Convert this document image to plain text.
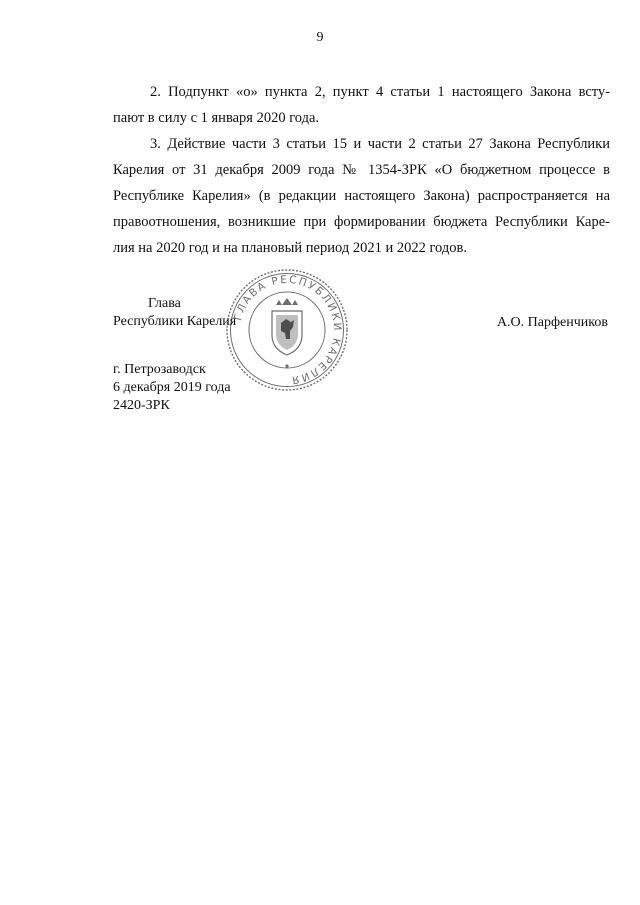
9
2. Подпункт «о» пункта 2, пункт 4 статьи 1 настоящего Закона всту-
пают в силу с 1 января 2020 года.
3. Действие части 3 статьи 15 и части 2 статьи 27 Закона Республики
Карелия от 31 декабря 2009 года № 1354-ЗРК «О бюджетном процессе в
Республике Карелия» (в редакции настоящего Закона) распространяется на
правоотношения, возникшие при формировании бюджета Республики Каре-
лия на 2020 год и на плановый период 2021 и 2022 годов.
ГЛАВА РЕСПУБЛИКИ КАРЕЛИЯ
Глава
Республики Карелия	А.О. Парфенчиков
г. Петрозаводск
6 декабря 2019 года
2420-ЗРК
